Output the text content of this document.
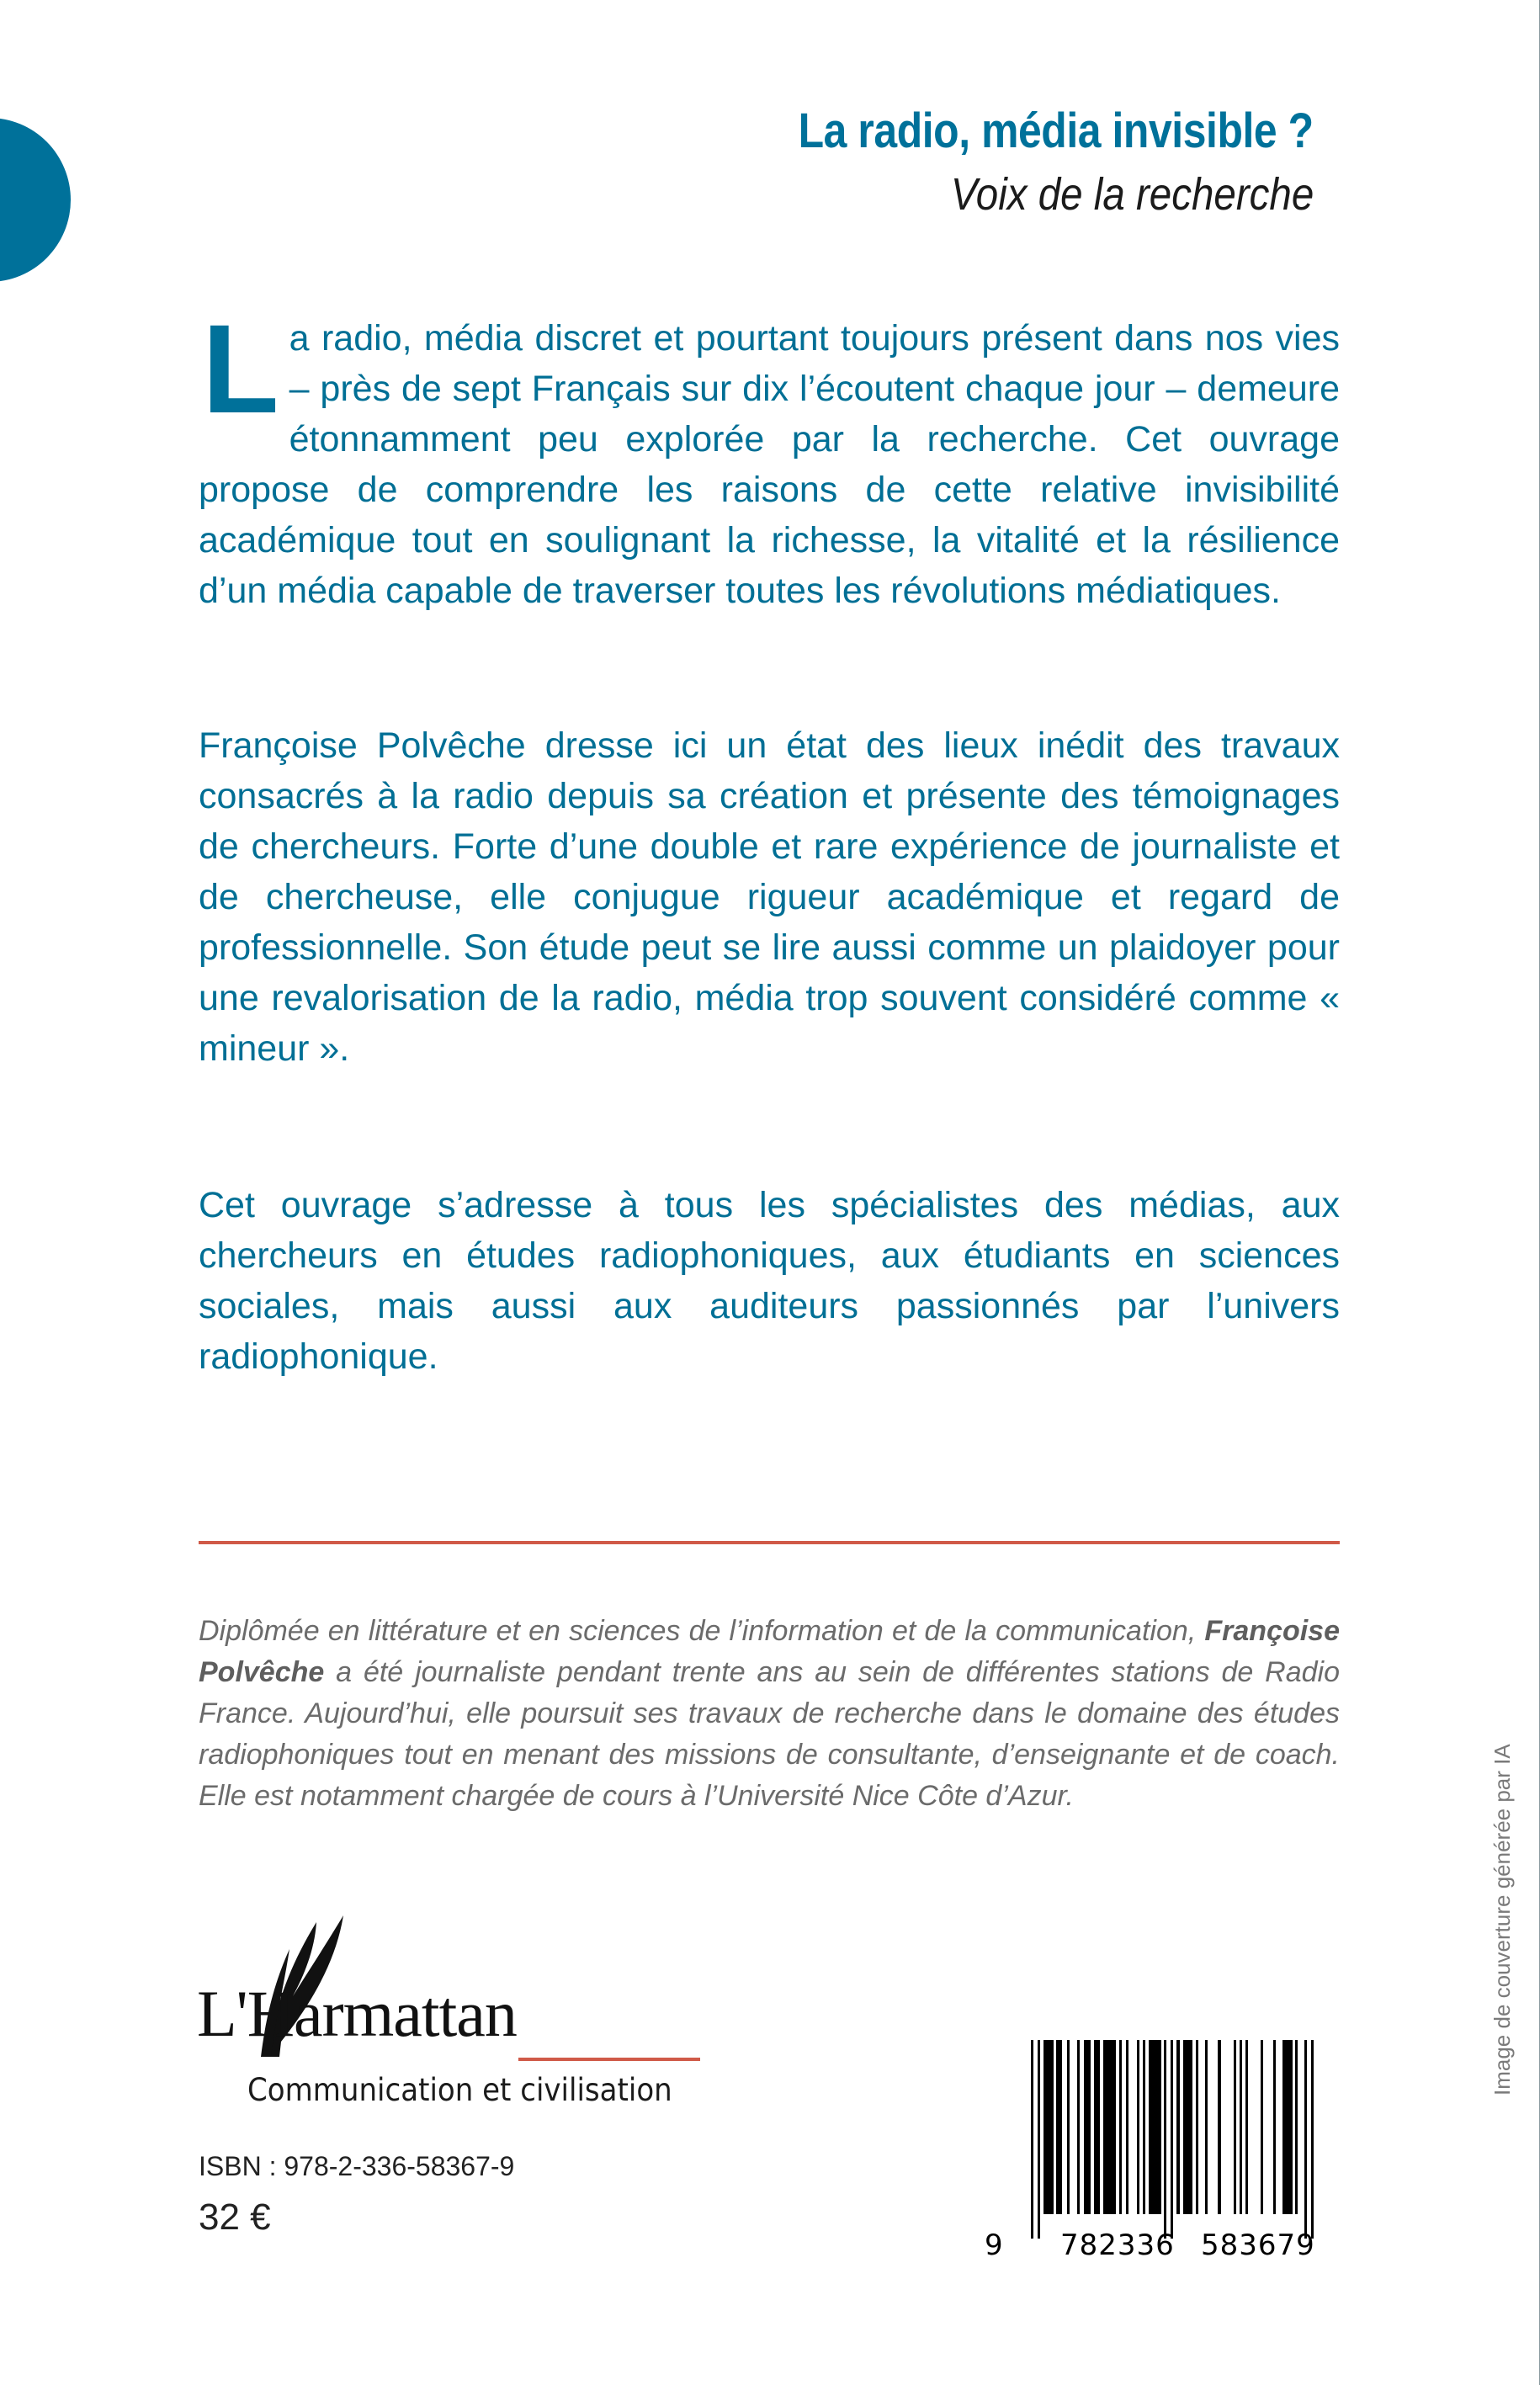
La radio, média invisible ?
Voix de la recherche

La radio, média discret et pourtant toujours présent dans nos vies – près de sept Français sur dix l’écoutent chaque jour – demeure étonnamment peu explorée par la recherche. Cet ouvrage propose de comprendre les raisons de cette relative invisibilité académique tout en soulignant la richesse, la vitalité et la résilience d’un média capable de traverser toutes les révolutions médiatiques.

Françoise Polvêche dresse ici un état des lieux inédit des travaux consacrés à la radio depuis sa création et présente des témoignages de chercheurs. Forte d’une double et rare expérience de journaliste et de chercheuse, elle conjugue rigueur académique et regard de professionnelle. Son étude peut se lire aussi comme un plaidoyer pour une revalorisation de la radio, média trop souvent considéré comme « mineur ».

Cet ouvrage s’adresse à tous les spécialistes des médias, aux chercheurs en études radiophoniques, aux étudiants en sciences sociales, mais aussi aux auditeurs passionnés par l’univers radiophonique.

Diplômée en littérature et en sciences de l’information et de la communication, Françoise Polvêche a été journaliste pendant trente ans au sein de différentes stations de Radio France. Aujourd’hui, elle poursuit ses travaux de recherche dans le domaine des études radiophoniques tout en menant des missions de consultante, d’enseignante et de coach. Elle est notamment chargée de cours à l’Université Nice Côte d’Azur.
L'Harmattan
Communication et civilisation
ISBN : 978-2-336-58367-9
32 €
9 782336 583679
Image de couverture générée par IA
